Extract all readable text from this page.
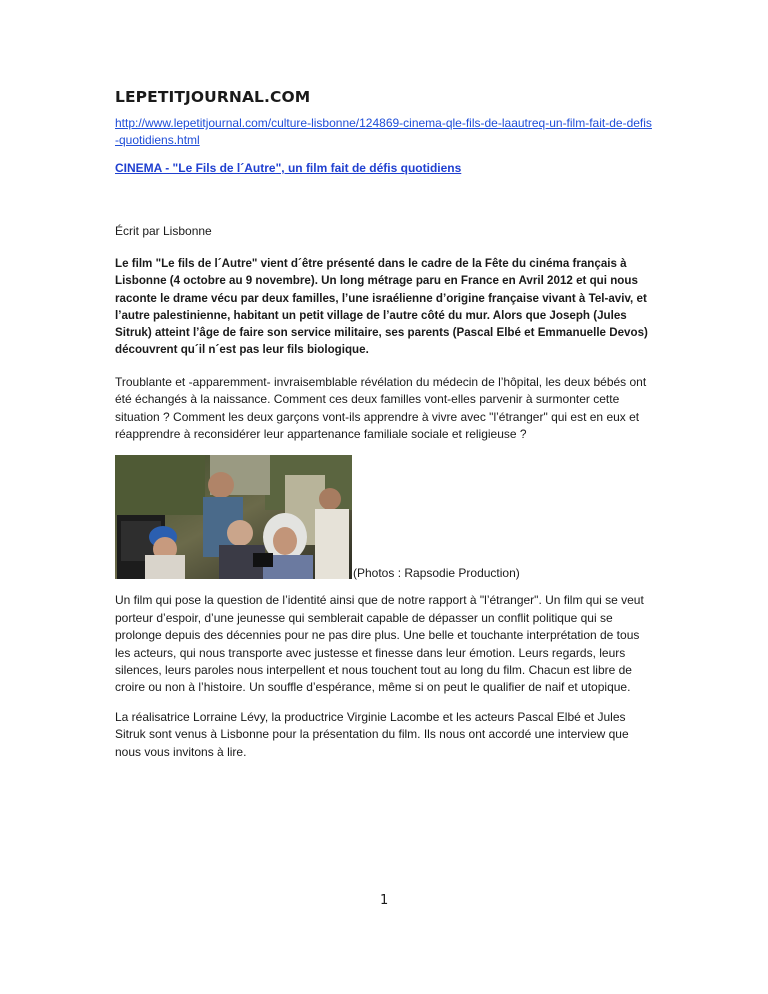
LEPETITJOURNAL.COM
http://www.lepetitjournal.com/culture-lisbonne/124869-cinema-qle-fils-de-laautreq-un-film-fait-de-defis-quotidiens.html
CINEMA - "Le Fils de l´Autre", un film fait de défis quotidiens

Écrit par Lisbonne

Le film "Le fils de l´Autre" vient d´être présenté dans le cadre de la Fête du cinéma français à Lisbonne (4 octobre au 9 novembre). Un long métrage paru en France en Avril 2012 et qui nous raconte le drame vécu par deux familles, l’une israélienne d’origine française vivant à Tel-aviv, et l’autre palestinienne, habitant un petit village de l’autre côté du mur. Alors que Joseph (Jules Sitruk) atteint l’âge de faire son service militaire, ses parents (Pascal Elbé et Emmanuelle Devos) découvrent qu´il n´est pas leur fils biologique.

Troublante et -apparemment- invraisemblable révélation du médecin de l’hôpital, les deux bébés ont été échangés à la naissance. Comment ces deux familles vont-elles parvenir à surmonter cette situation ? Comment les deux garçons vont-ils apprendre à vivre avec "l’étranger" qui est en eux et réapprendre à reconsidérer leur appartenance familiale sociale et religieuse ?

(Photos : Rapsodie Production)

Un film qui pose la question de l’identité ainsi que de notre rapport à "l’étranger". Un film qui se veut porteur d’espoir, d’une jeunesse qui semblerait capable de dépasser un conflit politique qui se prolonge depuis des décennies pour ne pas dire plus. Une belle et touchante interprétation de tous les acteurs, qui nous transporte avec justesse et finesse dans leur émotion. Leurs regards, leurs silences, leurs paroles nous interpellent et nous touchent tout au long du film. Chacun est libre de croire ou non à l’histoire. Un souffle d’espérance, même si on peut le qualifier de naif et utopique.

La réalisatrice Lorraine Lévy, la productrice Virginie Lacombe et les acteurs Pascal Elbé et Jules Sitruk sont venus à Lisbonne pour la présentation du film. Ils nous ont accordé une interview que nous vous invitons à lire.

1
